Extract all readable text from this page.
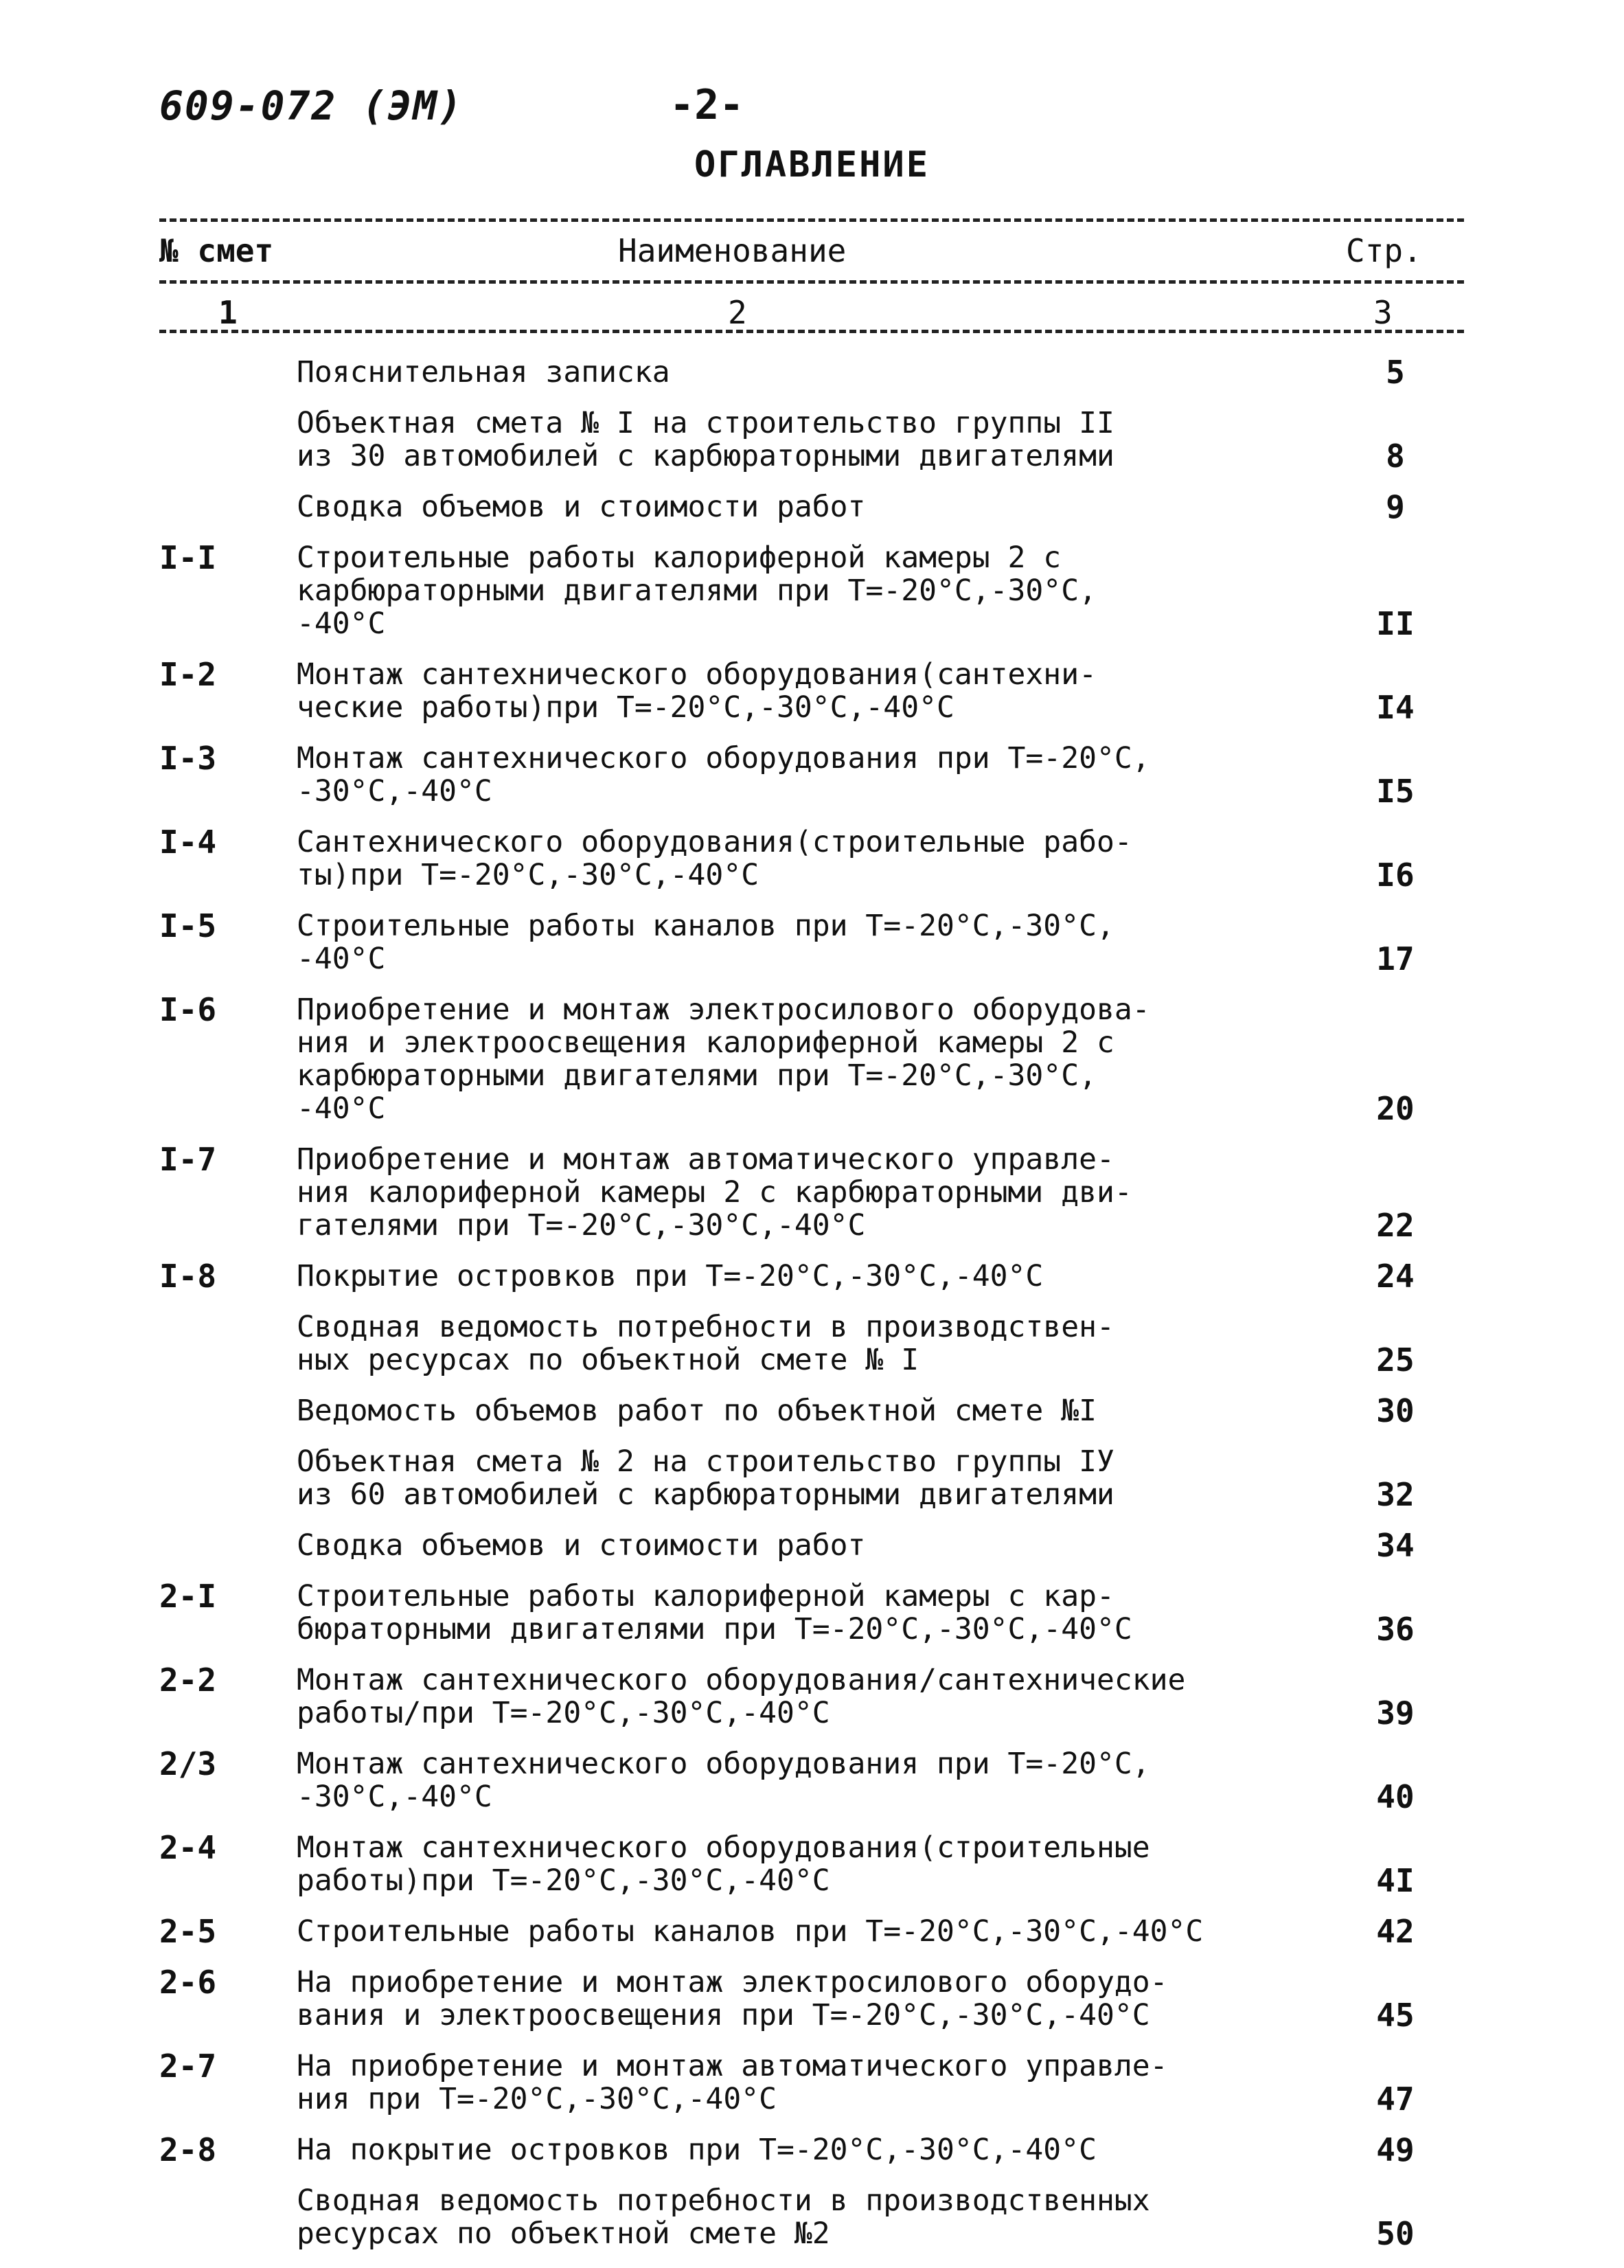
609-072 (ЭМ)	-2-
ОГЛАВЛЕНИЕ
№ смет	Наименование	Стр.
1	2	3
Пояснительная записка	5
Объектная смета № I на строительство группы II
из 30 автомобилей с карбюраторными двигателями	8
Сводка объемов и стоимости работ	9
I-I	Строительные работы калориферной камеры 2 с
карбюраторными двигателями при Т=-20°С,-30°С,
-40°С	II
I-2	Монтаж сантехнического оборудования(сантехни-
ческие работы)при Т=-20°С,-30°С,-40°С	I4
I-3	Монтаж сантехнического оборудования при Т=-20°С,
-30°С,-40°С	I5
I-4	Сантехнического оборудования(строительные рабо-
ты)при Т=-20°С,-30°С,-40°С	I6
I-5	Строительные работы каналов при Т=-20°С,-30°С,
-40°С	17
I-6	Приобретение и монтаж электросилового оборудова-
ния и электроосвещения калориферной камеры 2 с
карбюраторными двигателями при Т=-20°С,-30°С,
-40°С	20
I-7	Приобретение и монтаж автоматического управле-
ния калориферной камеры 2 с карбюраторными дви-
гателями при Т=-20°С,-30°С,-40°С	22
I-8	Покрытие островков при Т=-20°С,-30°С,-40°С	24
Сводная ведомость потребности в производствен-
ных ресурсах по объектной смете № I	25
Ведомость объемов работ по объектной смете №I	30
Объектная смета № 2 на строительство группы IУ
из 60 автомобилей с карбюраторными двигателями	32
Сводка объемов и стоимости работ	34
2-I	Строительные работы калориферной камеры с кар-
бюраторными двигателями при Т=-20°С,-30°С,-40°С	36
2-2	Монтаж сантехнического оборудования/сантехнические
работы/при Т=-20°С,-30°С,-40°С	39
2/3	Монтаж сантехнического оборудования при Т=-20°С,
-30°С,-40°С	40
2-4	Монтаж сантехнического оборудования(строительные
работы)при Т=-20°С,-30°С,-40°С	4I
2-5	Строительные работы каналов при Т=-20°С,-30°С,-40°С	42
2-6	На приобретение и монтаж электросилового оборудо-
вания и электроосвещения при Т=-20°С,-30°С,-40°С	45
2-7	На приобретение и монтаж автоматического управле-
ния при Т=-20°С,-30°С,-40°С	47
2-8	На покрытие островков при Т=-20°С,-30°С,-40°С	49
Сводная ведомость потребности в производственных
ресурсах по объектной смете №2	50
